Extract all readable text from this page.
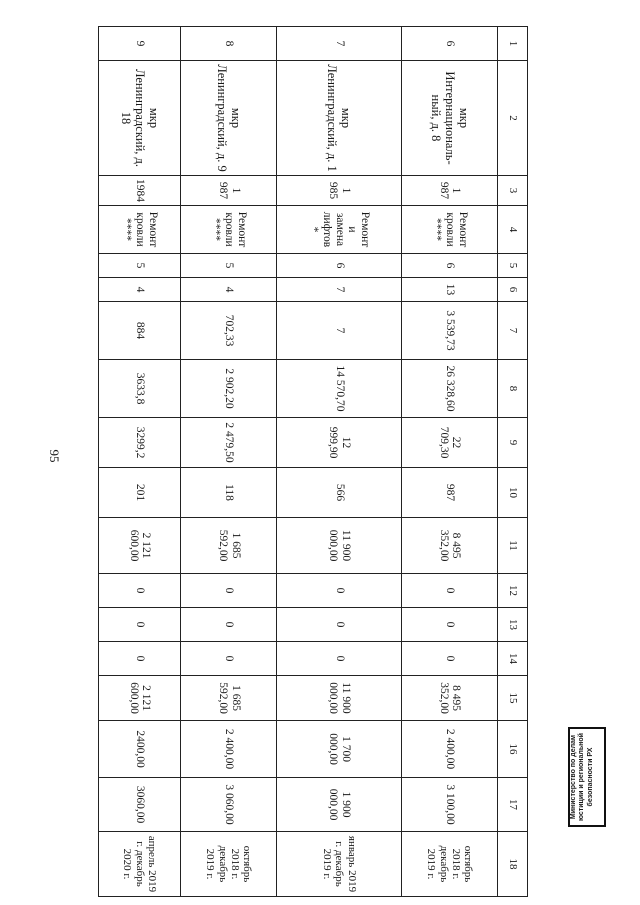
95
1	2	3	4	5	6	7	8	9	10	11	12	13	14	15	16	17	18
6	мкр Интернациональ-ный, д. 8	1 987	Ремонт кровли ****	6	13	3 539,73	26 328,60	22 709,30	987	8 495 352,00	0	0	0	8 495 352,00	2 400,00	3 100,00	октябрь 2018 г. декабрь 2019 г.
7	мкр Ленинградский, д. 1	1 985	Ремонт и замена лифтов *	6	7	7	14 570,70	12 999,90	566	11 900 000,00	0	0	0	11 900 000,00	1 700 000,00	1 900 000,00	январь 2019 г. декабрь 2019 г.
8	мкр Ленинградский, д. 9	1 987	Ремонт кровли ****	5	4	702,33	2 902,20	2 479,50	118	1 685 592,00	0	0	0	1 685 592,00	2 400,00	3 060,00	октябрь 2018 г. декабрь 2019 г.
9	мкр Ленинградский, д. 18	1984	Ремонт кровли ****	5	4	884	3633,8	3299,2	201	2 121 600,00	0	0	0	2 121 600,00	2400,00	3060,00	апрель 2019 г. декабрь 2020 г.
Министерство по делам юстиции и региональной безопасности РХ
